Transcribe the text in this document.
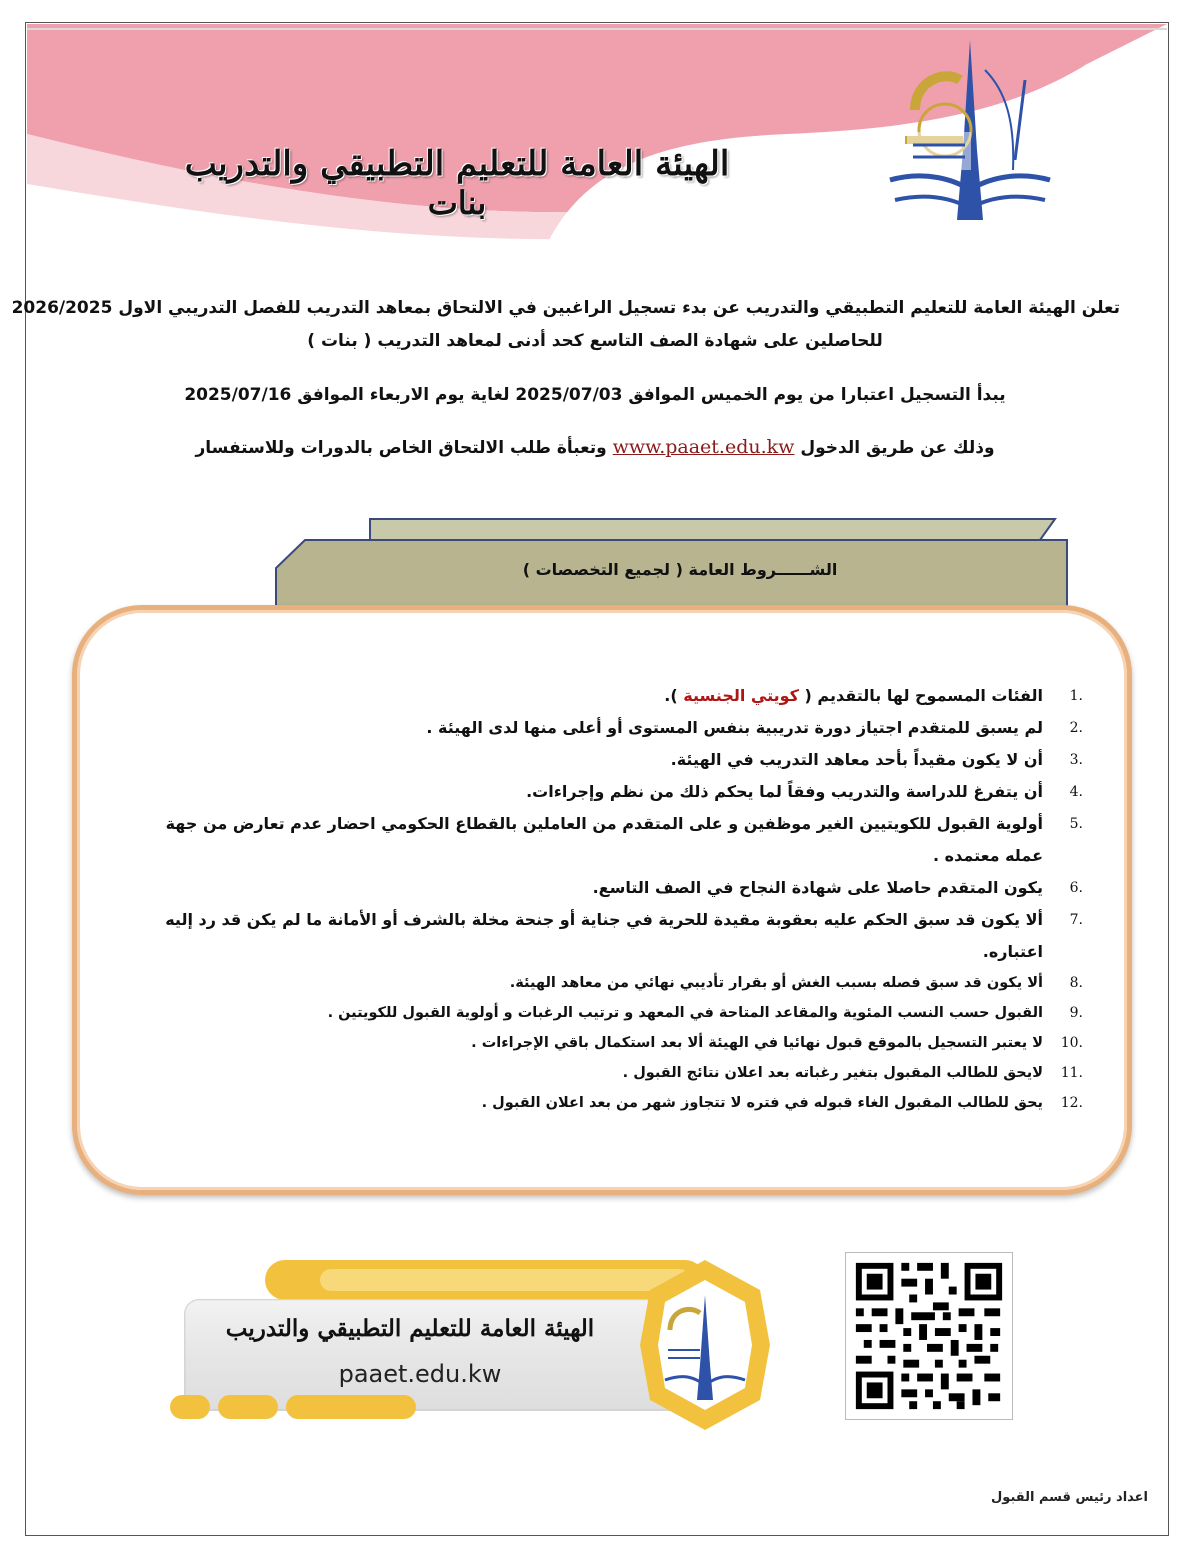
الهيئة العامة للتعليم التطبيقي والتدريب
بنات

تعلن الهيئة العامة للتعليم التطبيقي والتدريب عن بدء تسجيل الراغبين في الالتحاق بمعاهد التدريب للفصل التدريبي الاول 2026/2025

للحاصلين على شهادة الصف التاسع كحد أدنى لمعاهد التدريب ( بنات )

يبدأ التسجيل اعتبارا من يوم الخميس الموافق 2025/07/03 لغاية يوم الاربعاء الموافق 2025/07/16

وذلك عن طريق الدخول www.paaet.edu.kw وتعبأة طلب الالتحاق الخاص بالدورات وللاستفسار

الشــــــروط العامة ( لجميع التخصصات )
1.
الفئات المسموح لها بالتقديم ( كويتي الجنسية ).
2.
لم يسبق للمتقدم اجتياز دورة تدريبية بنفس المستوى أو أعلى منها لدى الهيئة .
3.
أن لا يكون مقيداً بأحد معاهد التدريب في الهيئة.
4.
أن يتفرغ للدراسة والتدريب وفقاً لما يحكم ذلك من نظم وإجراءات.
5.
أولوية القبول للكويتيين الغير موظفين و على المتقدم من العاملين بالقطاع الحكومي احضار عدم تعارض من جهة عمله معتمده .
6.
يكون المتقدم حاصلا على شهادة النجاح في الصف التاسع.
7.
ألا يكون قد سبق الحكم عليه بعقوبة مقيدة للحرية في جناية أو جنحة مخلة بالشرف أو الأمانة ما لم يكن قد رد إليه اعتباره.
8.
ألا يكون قد سبق فصله بسبب الغش أو بقرار تأديبي نهائي من معاهد الهيئة.
9.
القبول حسب النسب المئوية والمقاعد المتاحة في المعهد و ترتيب الرغبات و أولوية القبول للكويتين .
10.
لا يعتبر التسجيل بالموقع قبول نهائيا في الهيئة ألا بعد استكمال باقي الإجراءات .
11.
لايحق للطالب المقبول بتغير رغباته بعد اعلان نتائج القبول .
12.
يحق للطالب المقبول الغاء قبوله في فتره لا تتجاوز شهر من بعد اعلان القبول .
الهيئة العامة للتعليم التطبيقي والتدريب
paaet.edu.kw
اعداد رئيس قسم القبول
